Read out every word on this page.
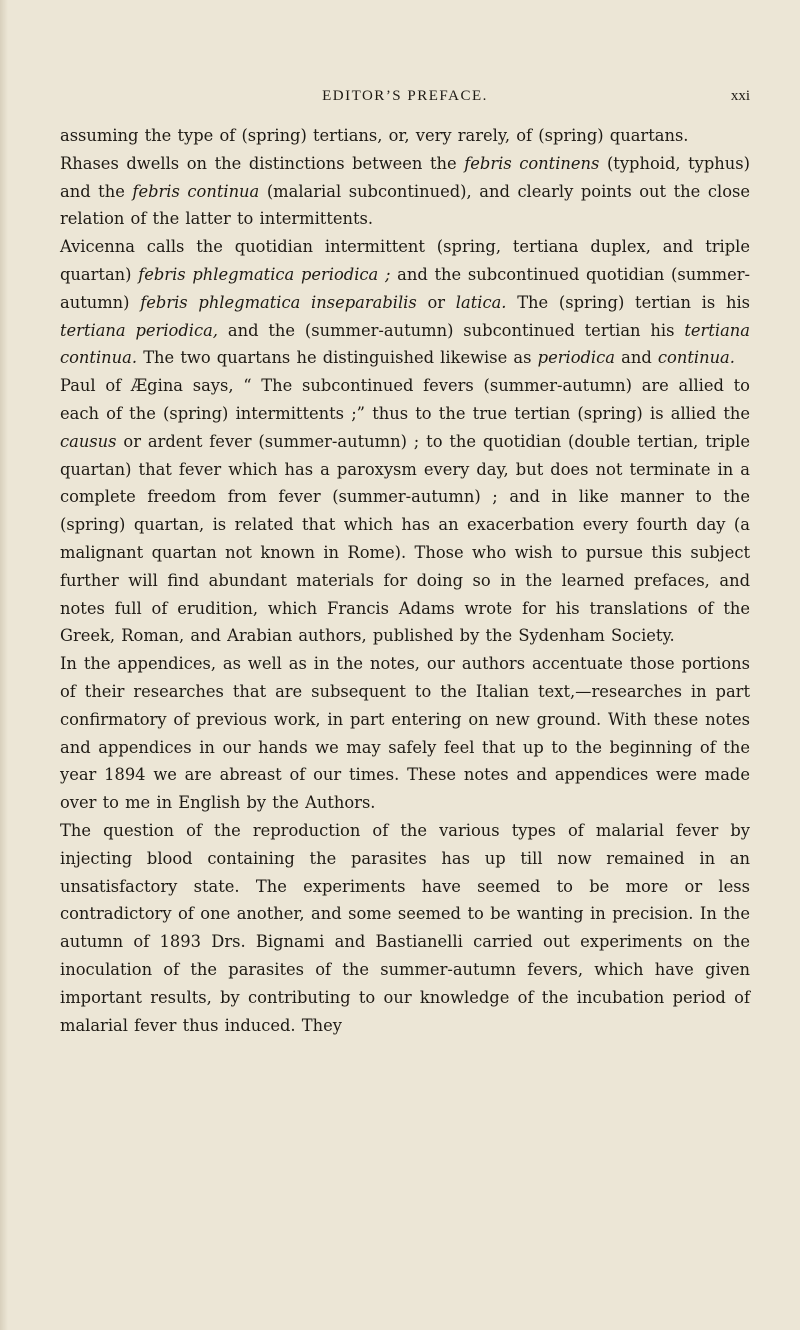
EDITOR’S PREFACE.	xxi

assuming the type of (spring) tertians, or, very rarely, of (spring) quartans.

Rhases dwells on the distinctions between the febris continens (typhoid, typhus) and the febris continua (malarial subcontinued), and clearly points out the close relation of the latter to intermittents.

Avicenna calls the quotidian intermittent (spring, tertiana duplex, and triple quartan) febris phlegmatica periodica ; and the subcontinued quotidian (summer-autumn) febris phlegmatica inseparabilis or latica. The (spring) tertian is his tertiana periodica, and the (summer-autumn) subcontinued tertian his tertiana continua. The two quartans he distinguished likewise as periodica and continua.

Paul of Ægina says, “ The subcontinued fevers (summer-autumn) are allied to each of the (spring) intermittents ;” thus to the true tertian (spring) is allied the causus or ardent fever (summer-autumn) ; to the quotidian (double tertian, triple quartan) that fever which has a paroxysm every day, but does not terminate in a complete freedom from fever (summer-autumn) ; and in like manner to the (spring) quartan, is related that which has an exacerbation every fourth day (a malignant quartan not known in Rome). Those who wish to pursue this subject further will find abundant materials for doing so in the learned prefaces, and notes full of erudition, which Francis Adams wrote for his translations of the Greek, Roman, and Arabian authors, published by the Sydenham Society.

In the appendices, as well as in the notes, our authors accentuate those portions of their researches that are subsequent to the Italian text,—researches in part confirmatory of previous work, in part entering on new ground. With these notes and appendices in our hands we may safely feel that up to the beginning of the year 1894 we are abreast of our times. These notes and appendices were made over to me in English by the Authors.

The question of the reproduction of the various types of malarial fever by injecting blood containing the parasites has up till now remained in an unsatisfactory state. The experiments have seemed to be more or less contradictory of one another, and some seemed to be wanting in precision. In the autumn of 1893 Drs. Bignami and Bastianelli carried out experiments on the inoculation of the parasites of the summer-autumn fevers, which have given important results, by contributing to our knowledge of the incubation period of malarial fever thus induced. They
